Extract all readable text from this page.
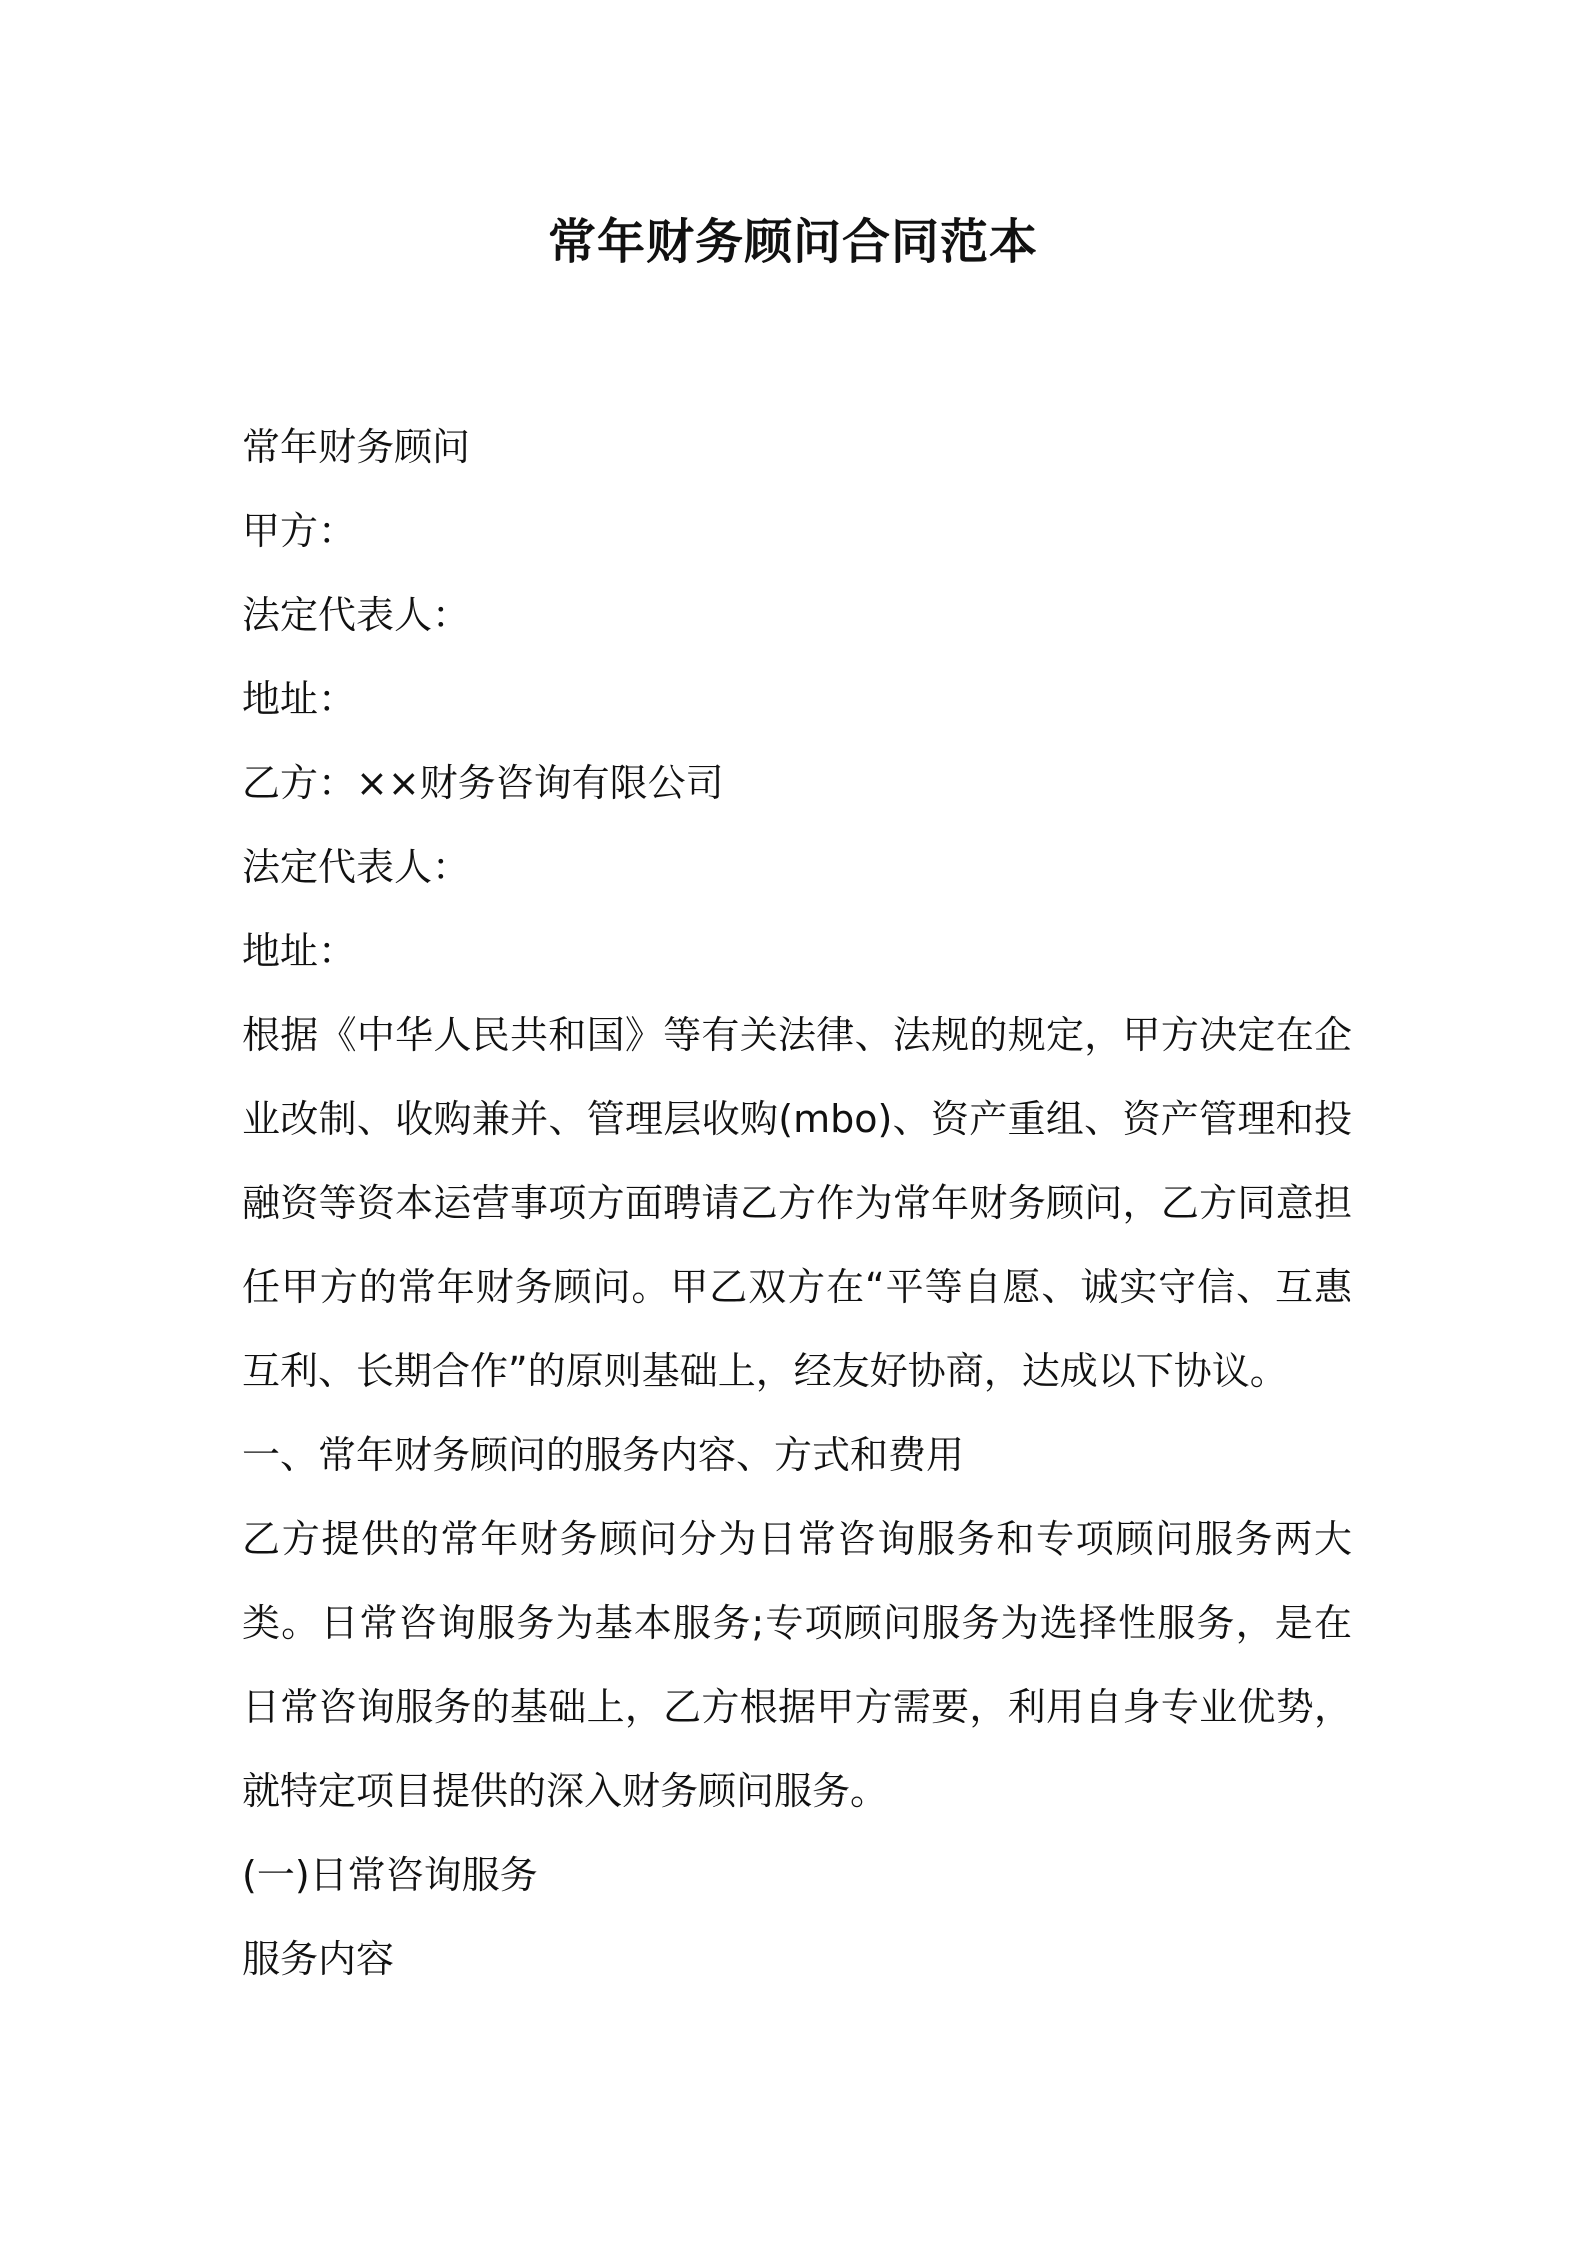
常年财务顾问合同范本

常年财务顾问

甲方：

法定代表人：

地址：

乙方：××财务咨询有限公司

法定代表人：

地址：

根据《中华人民共和国》等有关法律、法规的规定，甲方决定在企业改制、收购兼并、管理层收购(mbo)、资产重组、资产管理和投融资等资本运营事项方面聘请乙方作为常年财务顾问，乙方同意担任甲方的常年财务顾问。甲乙双方在“平等自愿、诚实守信、互惠互利、长期合作”的原则基础上，经友好协商，达成以下协议。

一、常年财务顾问的服务内容、方式和费用

乙方提供的常年财务顾问分为日常咨询服务和专项顾问服务两大类。日常咨询服务为基本服务;专项顾问服务为选择性服务，是在日常咨询服务的基础上，乙方根据甲方需要，利用自身专业优势，就特定项目提供的深入财务顾问服务。

(一)日常咨询服务

服务内容
